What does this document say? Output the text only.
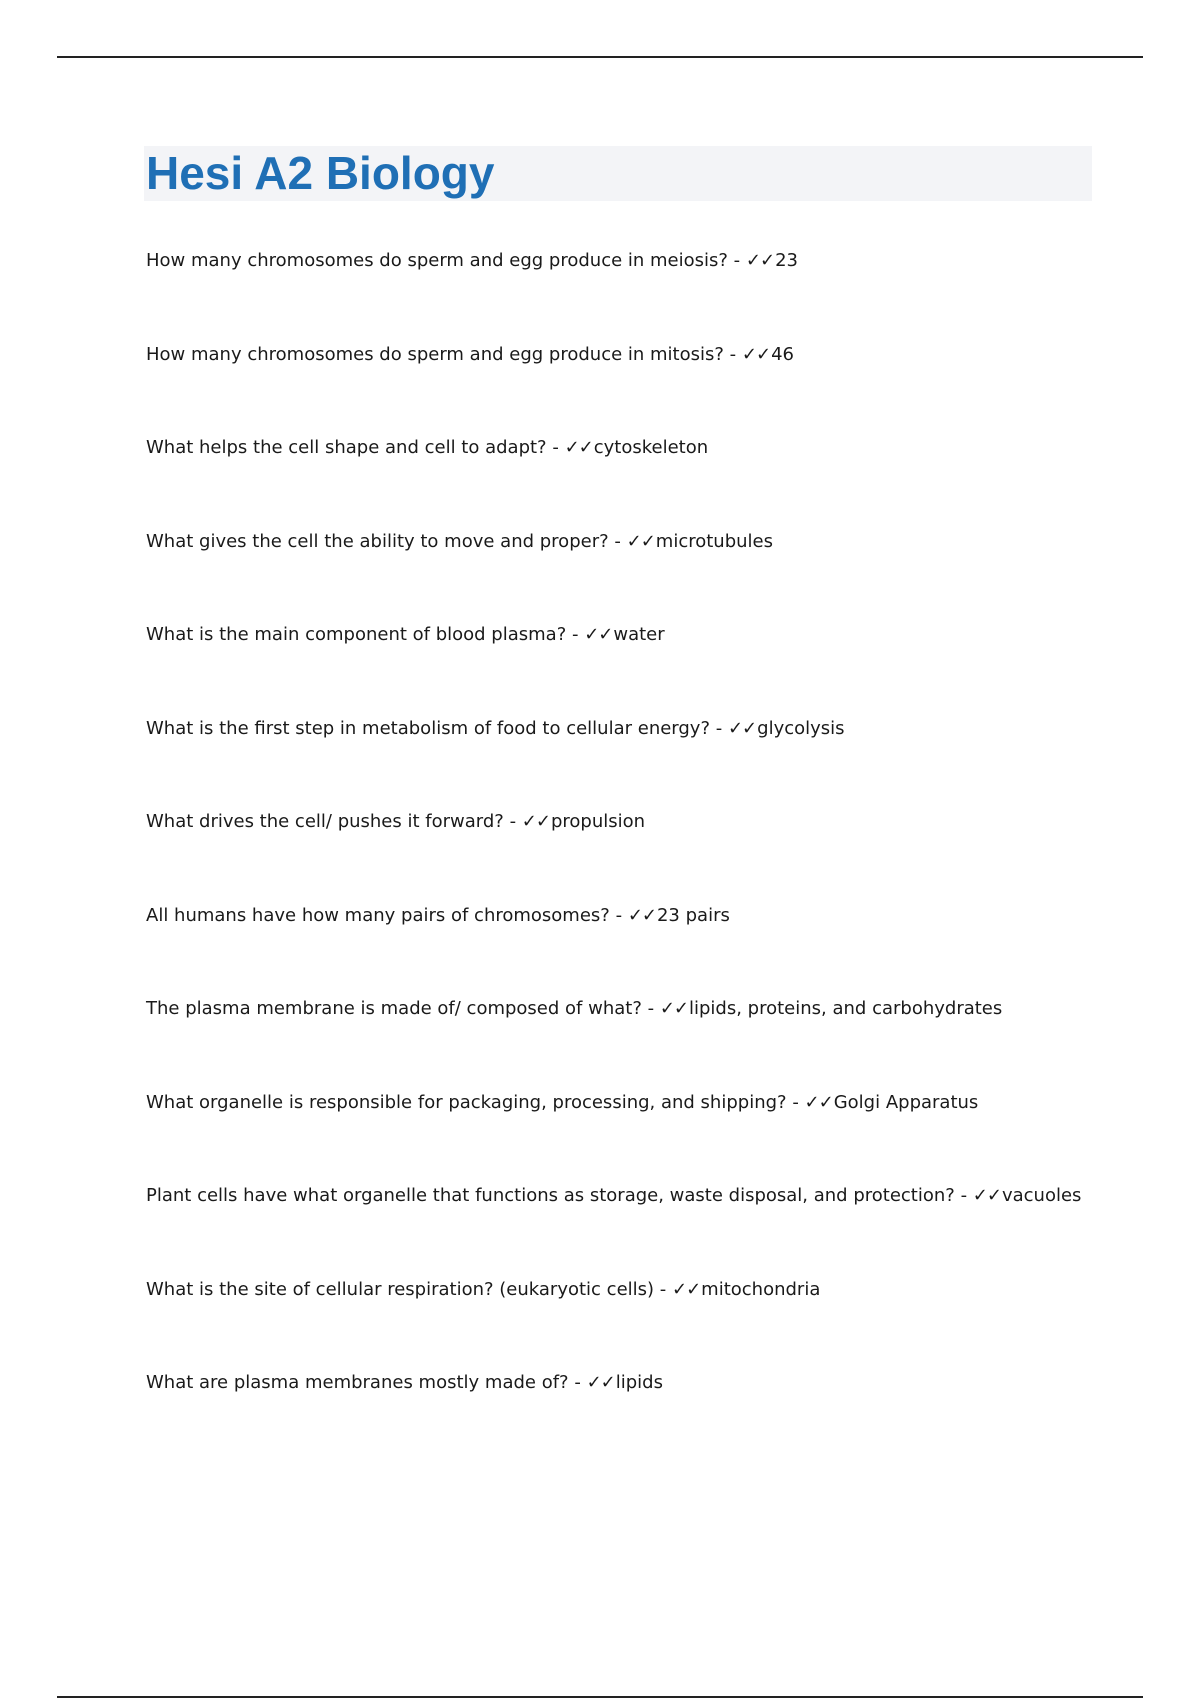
Hesi A2 Biology
How many chromosomes do sperm and egg produce in meiosis? - ✓✓23
How many chromosomes do sperm and egg produce in mitosis? - ✓✓46
What helps the cell shape and cell to adapt? - ✓✓cytoskeleton
What gives the cell the ability to move and proper? - ✓✓microtubules
What is the main component of blood plasma? - ✓✓water
What is the first step in metabolism of food to cellular energy? - ✓✓glycolysis
What drives the cell/ pushes it forward? - ✓✓propulsion
All humans have how many pairs of chromosomes? - ✓✓23 pairs
The plasma membrane is made of/ composed of what? - ✓✓lipids, proteins, and carbohydrates
What organelle is responsible for packaging, processing, and shipping? - ✓✓Golgi Apparatus
Plant cells have what organelle that functions as storage, waste disposal, and protection? - ✓✓vacuoles
What is the site of cellular respiration? (eukaryotic cells) - ✓✓mitochondria
What are plasma membranes mostly made of? - ✓✓lipids
